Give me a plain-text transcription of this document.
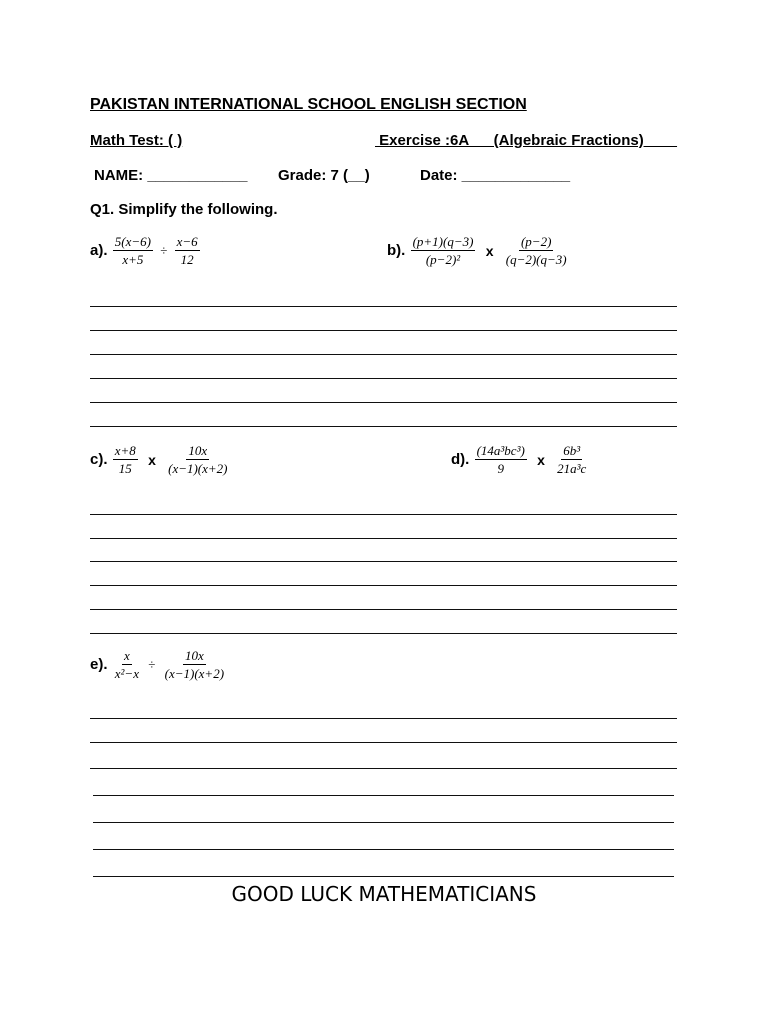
PAKISTAN INTERNATIONAL SCHOOL ENGLISH SECTION
Math Test: ( )	Exercise :6A      (Algebraic Fractions)
NAME: ____________ Grade: 7 (__)	Date: _____________
Q1. Simplify the following.
a). $\frac{5(x-6)}{x+5} \div \frac{x-6}{12}$	b). $\frac{(p+1)(q-3)}{\text{(p−2)²}}$ x $\frac{(p-2)}{(q-2)(q-3)}$
c). $\frac{x+8}{15}$ x $\frac{10x}{(x-1)(x+2)}$	d). $\frac{\text{(14a³bc³)}}{9}$ x $\frac{\text{6b³}}{\text{21a³c}}$
e). $\frac{x}{\text{x²−x}} \div \frac{10x}{(x-1)(x+2)}$
GOOD LUCK MATHEMATICIANS
